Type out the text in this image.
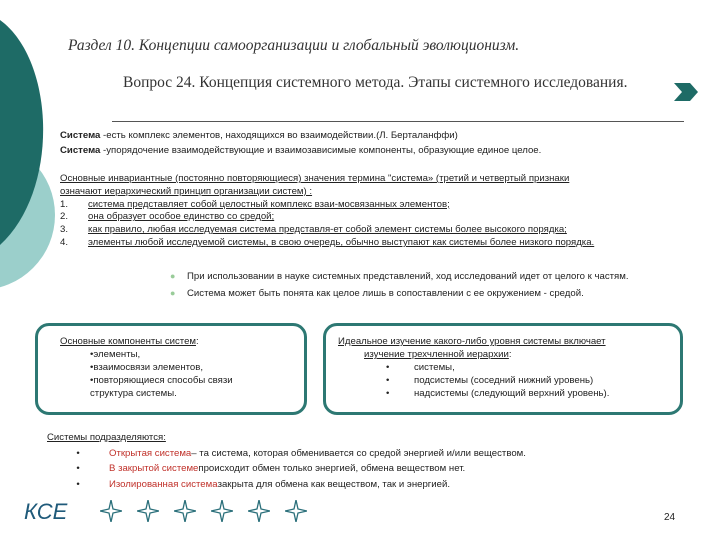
Раздел 10. Концепции самоорганизации и глобальный эволюционизм.
Вопрос 24. Концепция системного метода. Этапы системного исследования.
Система -есть комплекс элементов, находящихся во взаимодействии.(Л. Берталанффи)
Система -упорядочение взаимодействующие и взаимозависимые компоненты, образующие единое целое.
Основные инвариантные (постоянно повторяющиеся) значения термина "система» (третий и четвертый признаки
означают иерархический принцип организации систем) :
1.	система представляет собой целостный комплекс взаи-мосвязанных элементов;
2.	она образует особое единство со средой;
3.	как правило, любая исследуемая система представля-ет собой элемент системы более высокого порядка;
4.	элементы любой исследуемой системы, в свою очередь, обычно выступают как системы более низкого порядка.
●	При использовании в науке системных представлений, ход исследований идет от целого к частям.
●	Система может быть понята как целое лишь в сопоставлении с ее окружением - средой.
Основные компоненты систем:
•элементы,
•взаимосвязи элементов,
•повторяющиеся способы связи
структура системы.
Идеальное изучение какого-либо уровня системы включает
изучение трехчленной иерархии:
•	системы,
•	подсистемы (соседний нижний уровень)
•	надсистемы (следующий верхний уровень).
Системы подразделяются:
•	Открытая система – та система, которая обменивается со средой энергией и/или веществом.
•	В закрытой системе происходит обмен только энергией, обмена веществом нет.
•	Изолированная система закрыта для обмена как веществом, так и энергией.
КСЕ	24
